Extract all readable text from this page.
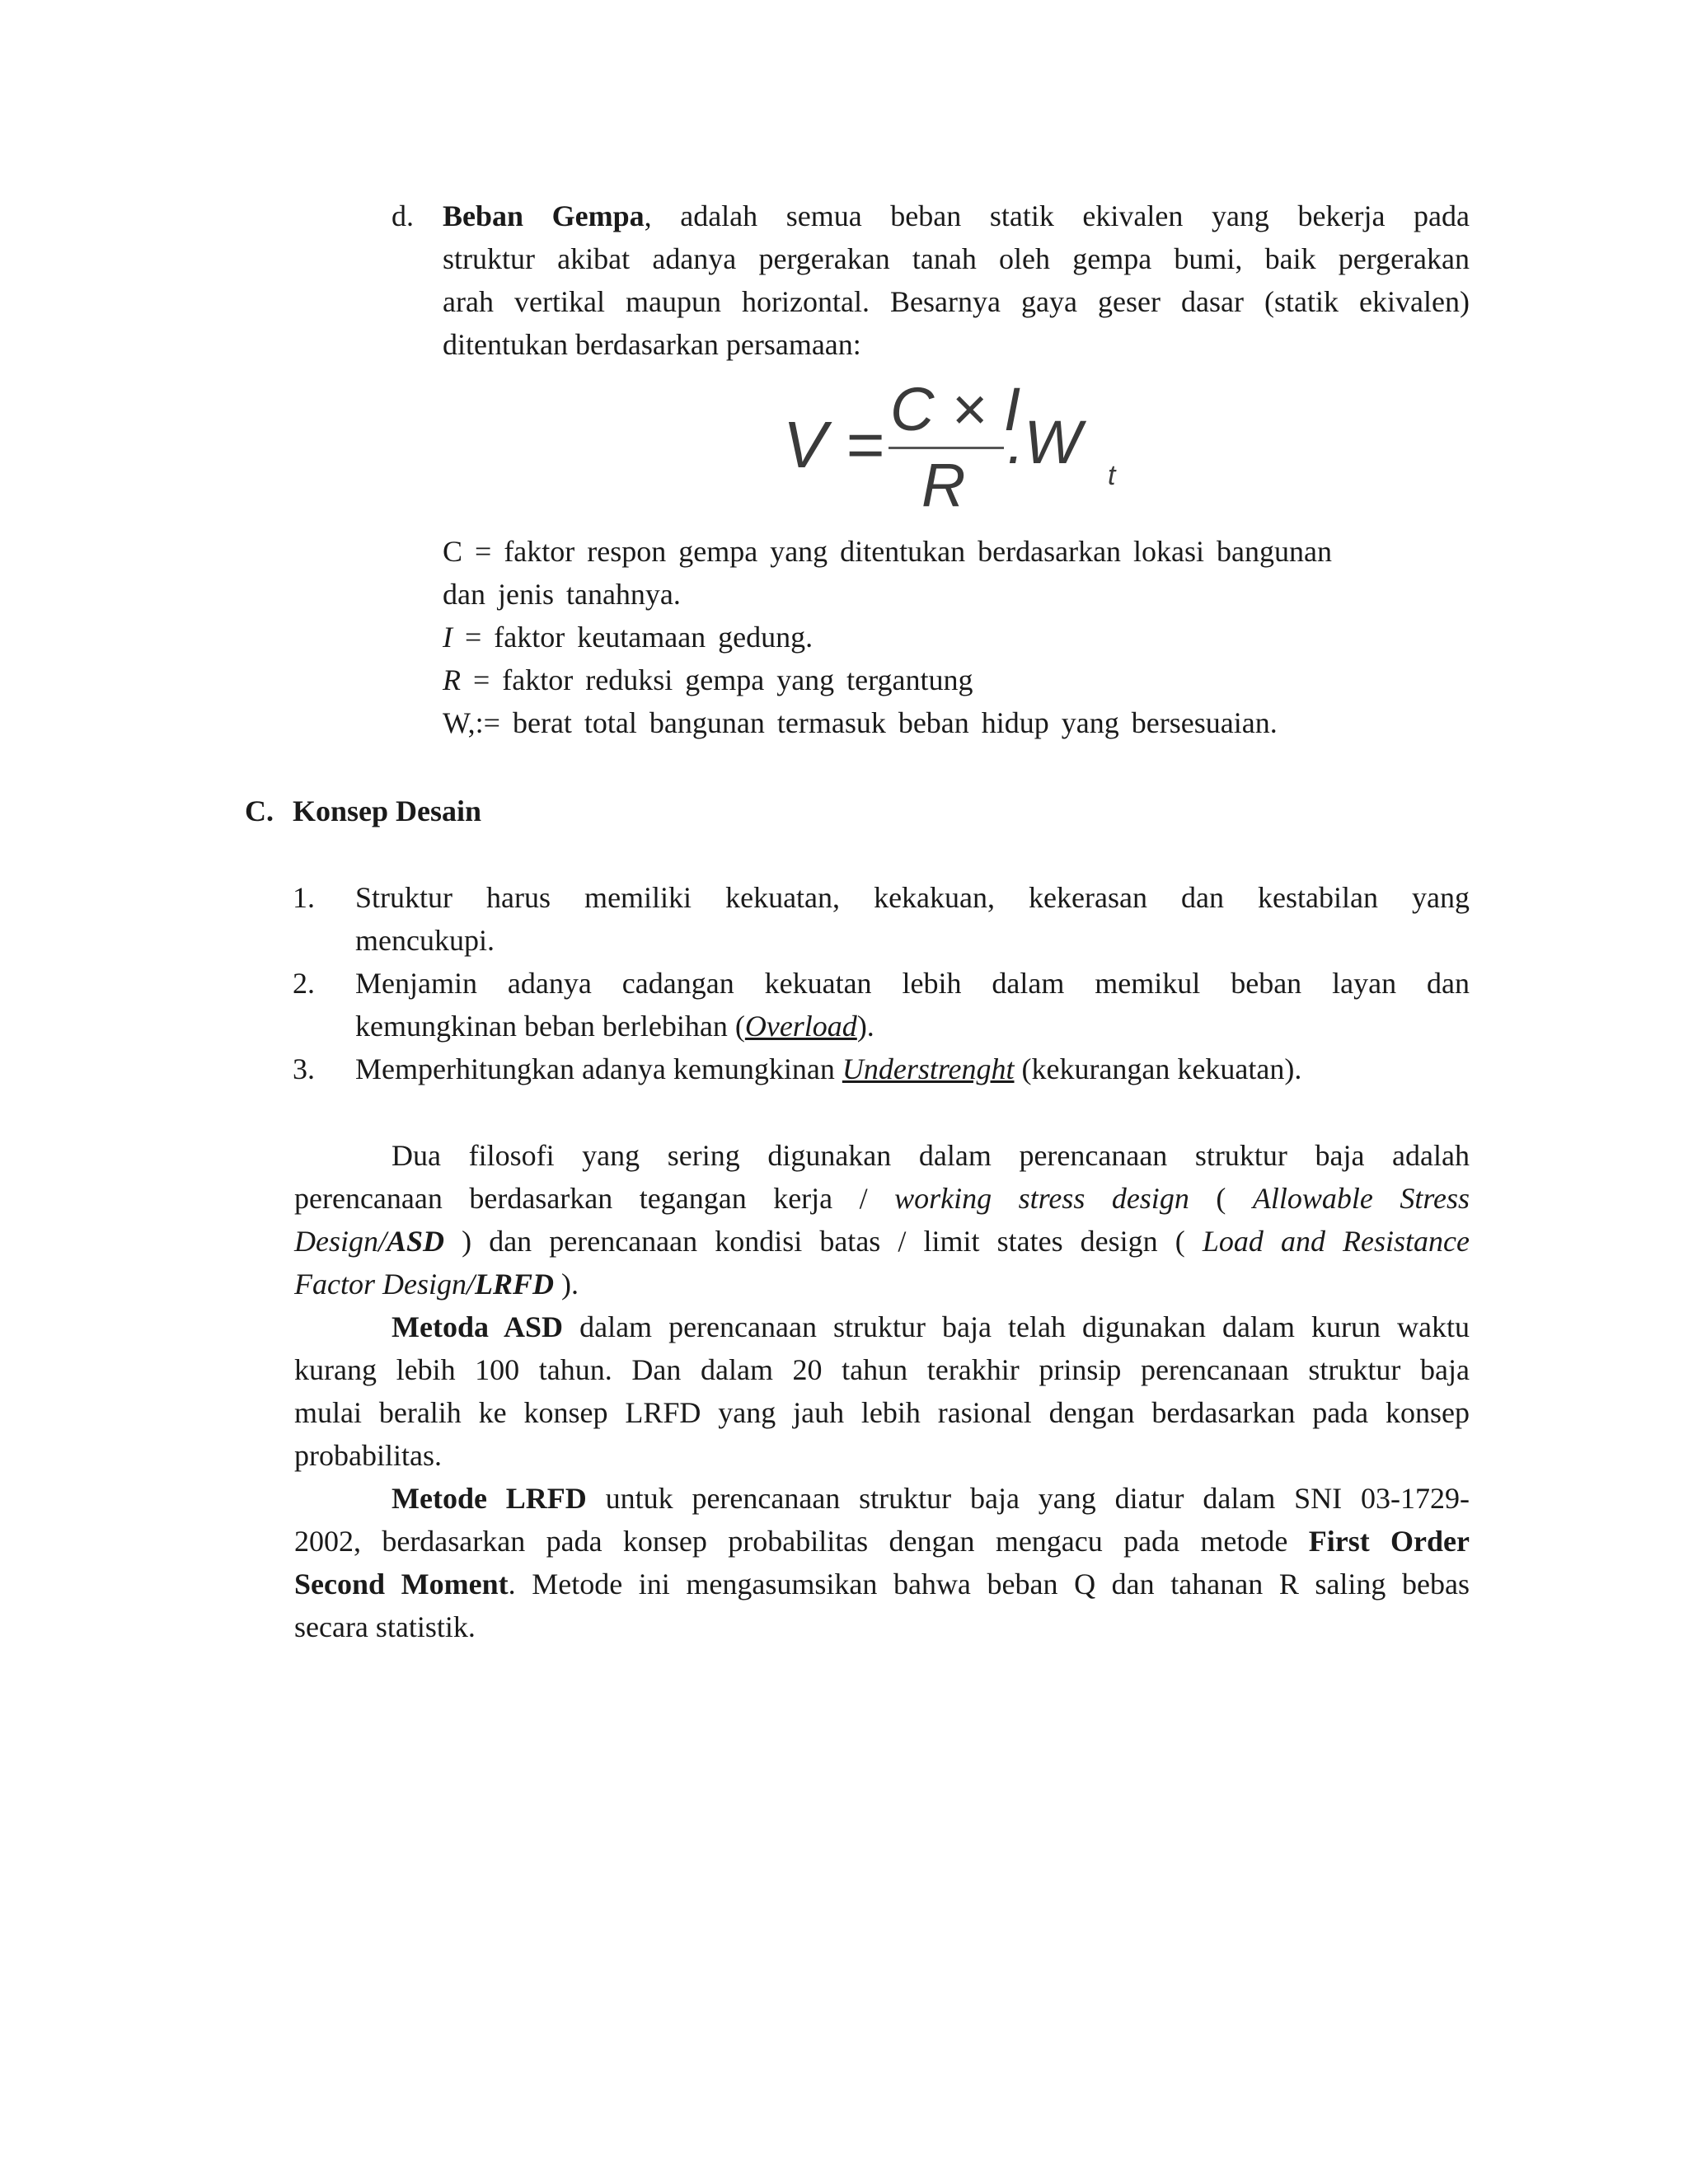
d. Beban Gempa, adalah semua beban statik ekivalen yang bekerja pada
struktur akibat adanya pergerakan tanah oleh gempa bumi, baik pergerakan
arah vertikal maupun horizontal. Besarnya gaya geser dasar (statik ekivalen)
ditentukan berdasarkan persamaan:
V = C × I
R
.W t
C = faktor respon gempa yang ditentukan berdasarkan lokasi bangunan
dan jenis tanahnya.
I = faktor keutamaan gedung.
R = faktor reduksi gempa yang tergantung
W,:= berat total bangunan termasuk beban hidup yang bersesuaian.
C. Konsep Desain
1. Struktur harus memiliki kekuatan, kekakuan, kekerasan dan kestabilan yang
mencukupi.
2. Menjamin adanya cadangan kekuatan lebih dalam memikul beban layan dan
kemungkinan beban berlebihan (Overload).
3. Memperhitungkan adanya kemungkinan Understrenght (kekurangan kekuatan).

Dua filosofi yang sering digunakan dalam perencanaan struktur baja adalah
perencanaan berdasarkan tegangan kerja / working stress design ( Allowable Stress
Design/ASD ) dan perencanaan kondisi batas / limit states design ( Load and Resistance
Factor Design/LRFD ).

Metoda ASD dalam perencanaan struktur baja telah digunakan dalam kurun waktu
kurang lebih 100 tahun. Dan dalam 20 tahun terakhir prinsip perencanaan struktur baja
mulai beralih ke konsep LRFD yang jauh lebih rasional dengan berdasarkan pada konsep
probabilitas.

Metode LRFD untuk perencanaan struktur baja yang diatur dalam SNI 03-1729-
2002, berdasarkan pada konsep probabilitas dengan mengacu pada metode First Order
Second Moment. Metode ini mengasumsikan bahwa beban Q dan tahanan R saling bebas
secara statistik.
